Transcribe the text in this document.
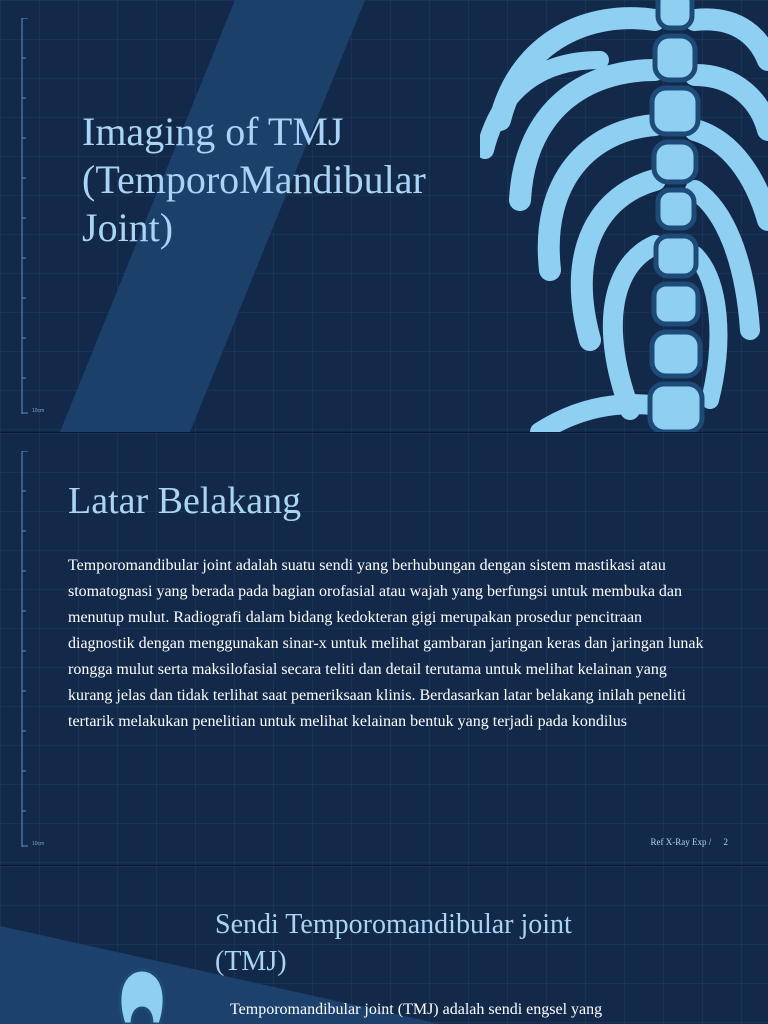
10cm
Imaging of TMJ (TemporoMandibular Joint)
10cm
Latar Belakang

Temporomandibular joint adalah suatu sendi yang berhubungan dengan sistem mastikasi atau stomatognasi yang berada pada bagian orofasial atau wajah yang berfungsi untuk membuka dan menutup mulut. Radiografi dalam bidang kedokteran gigi merupakan prosedur pencitraan diagnostik dengan menggunakan sinar-x untuk melihat gambaran jaringan keras dan jaringan lunak rongga mulut serta maksilofasial secara teliti dan detail terutama untuk melihat kelainan yang kurang jelas dan tidak terlihat saat pemeriksaan klinis. Berdasarkan latar belakang inilah peneliti tertarik melakukan penelitian untuk melihat kelainan bentuk yang terjadi pada kondilus

Ref X-Ray Exp / 2
Sendi Temporomandibular joint (TMJ)

Temporomandibular joint (TMJ) adalah sendi engsel yang
